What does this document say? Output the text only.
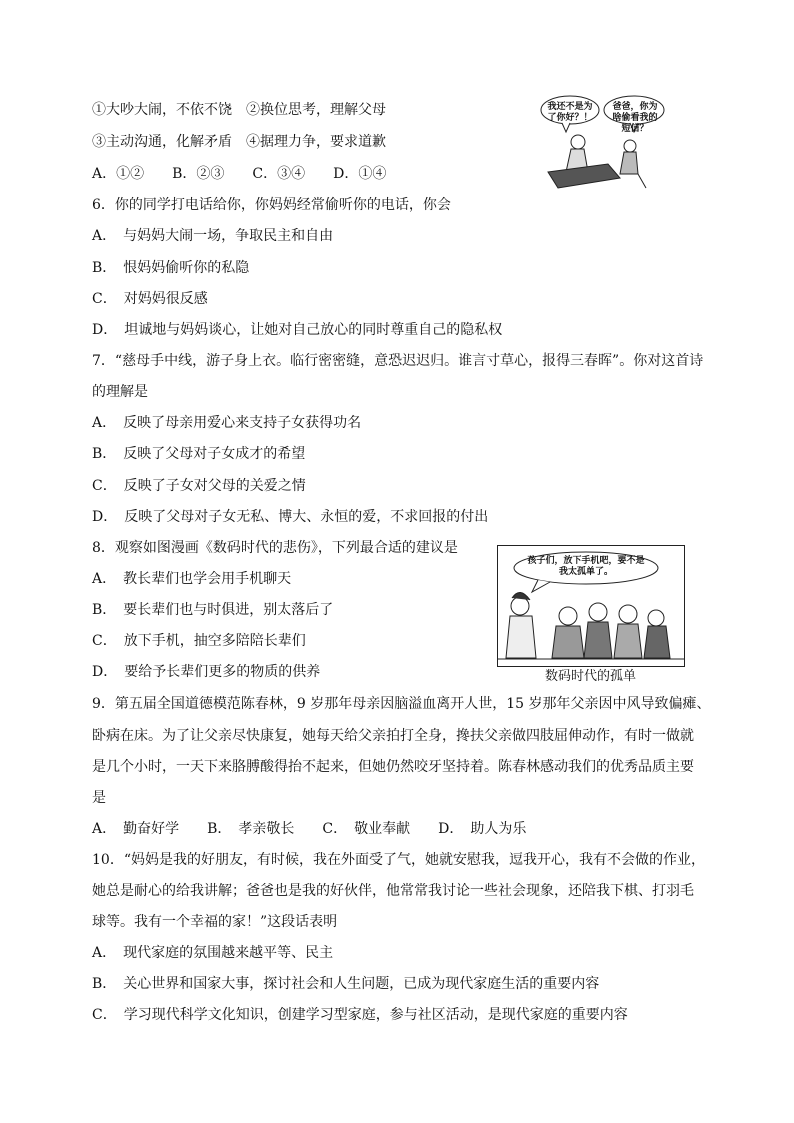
①大吵大闹，不依不饶　②换位思考，理解父母
③主动沟通，化解矛盾　④据理力争，要求道歉
A．①②　　B．②③　　C．③④　　D．①④
我还不是为了你好？！
爸爸，你为啥偷看我的短信？
6．你的同学打电话给你，你妈妈经常偷听你的电话，你会
A．　与妈妈大闹一场，争取民主和自由
B．　恨妈妈偷听你的私隐
C．　对妈妈很反感
D．　坦诚地与妈妈谈心，让她对自己放心的同时尊重自己的隐私权
7．“慈母手中线，游子身上衣。临行密密缝，意恐迟迟归。谁言寸草心，报得三春晖”。你对这首诗
的理解是
A．　反映了母亲用爱心来支持子女获得功名
B．　反映了父母对子女成才的希望
C．　反映了子女对父母的关爱之情
D．　反映了父母对子女无私、博大、永恒的爱，不求回报的付出
8．观察如图漫画《数码时代的悲伤》，下列最合适的建议是
A．　教长辈们也学会用手机聊天
B．　要长辈们也与时俱进，别太落后了
C．　放下手机，抽空多陪陪长辈们
D．　要给予长辈们更多的物质的供养
孩子们，放下手机吧，要不是我太孤单了。
数码时代的孤单
9．第五届全国道德模范陈春林，9 岁那年母亲因脑溢血离开人世，15 岁那年父亲因中风导致偏瘫、
卧病在床。为了让父亲尽快康复，她每天给父亲拍打全身，搀扶父亲做四肢屈伸动作，有时一做就
是几个小时，一天下来胳膊酸得抬不起来，但她仍然咬牙坚持着。陈春林感动我们的优秀品质主要
是
A．　勤奋好学　　B．　孝亲敬长　　C．　敬业奉献　　D．　助人为乐
10．“妈妈是我的好朋友，有时候，我在外面受了气，她就安慰我，逗我开心，我有不会做的作业，
她总是耐心的给我讲解；爸爸也是我的好伙伴，他常常我讨论一些社会现象，还陪我下棋、打羽毛
球等。我有一个幸福的家！”这段话表明
A．　现代家庭的氛围越来越平等、民主
B．　关心世界和国家大事，探讨社会和人生问题，已成为现代家庭生活的重要内容
C．　学习现代科学文化知识，创建学习型家庭，参与社区活动，是现代家庭的重要内容
